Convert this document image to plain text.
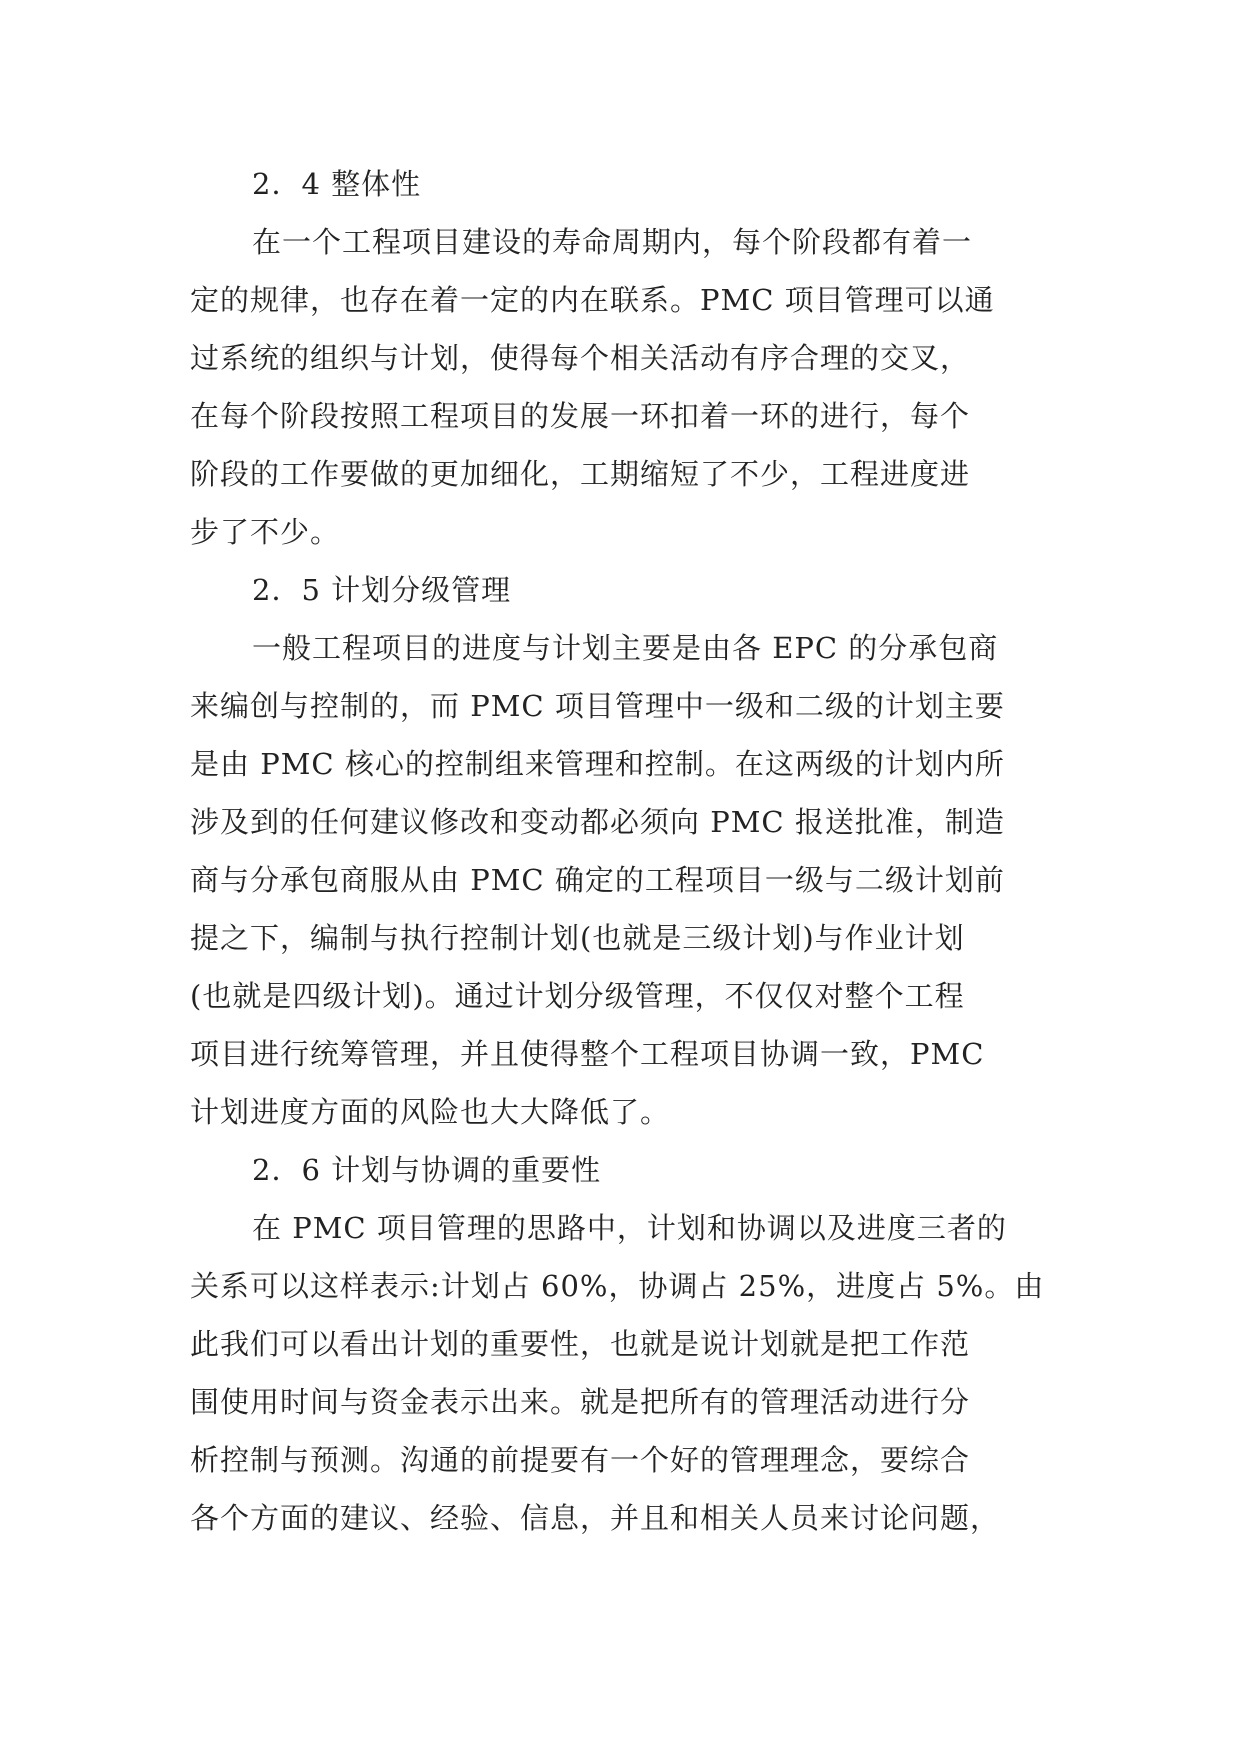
2．4 整体性
在一个工程项目建设的寿命周期内，每个阶段都有着一
定的规律，也存在着一定的内在联系。PMC 项目管理可以通
过系统的组织与计划，使得每个相关活动有序合理的交叉，
在每个阶段按照工程项目的发展一环扣着一环的进行，每个
阶段的工作要做的更加细化，工期缩短了不少，工程进度进
步了不少。
2．5 计划分级管理
一般工程项目的进度与计划主要是由各 EPC 的分承包商
来编创与控制的，而 PMC 项目管理中一级和二级的计划主要
是由 PMC 核心的控制组来管理和控制。在这两级的计划内所
涉及到的任何建议修改和变动都必须向 PMC 报送批准，制造
商与分承包商服从由 PMC 确定的工程项目一级与二级计划前
提之下，编制与执行控制计划(也就是三级计划)与作业计划
(也就是四级计划)。通过计划分级管理，不仅仅对整个工程
项目进行统筹管理，并且使得整个工程项目协调一致，PMC
计划进度方面的风险也大大降低了。
2．6 计划与协调的重要性
在 PMC 项目管理的思路中，计划和协调以及进度三者的
关系可以这样表示:计划占 60%，协调占 25%，进度占 5%。由
此我们可以看出计划的重要性，也就是说计划就是把工作范
围使用时间与资金表示出来。就是把所有的管理活动进行分
析控制与预测。沟通的前提要有一个好的管理理念，要综合
各个方面的建议、经验、信息，并且和相关人员来讨论问题，
